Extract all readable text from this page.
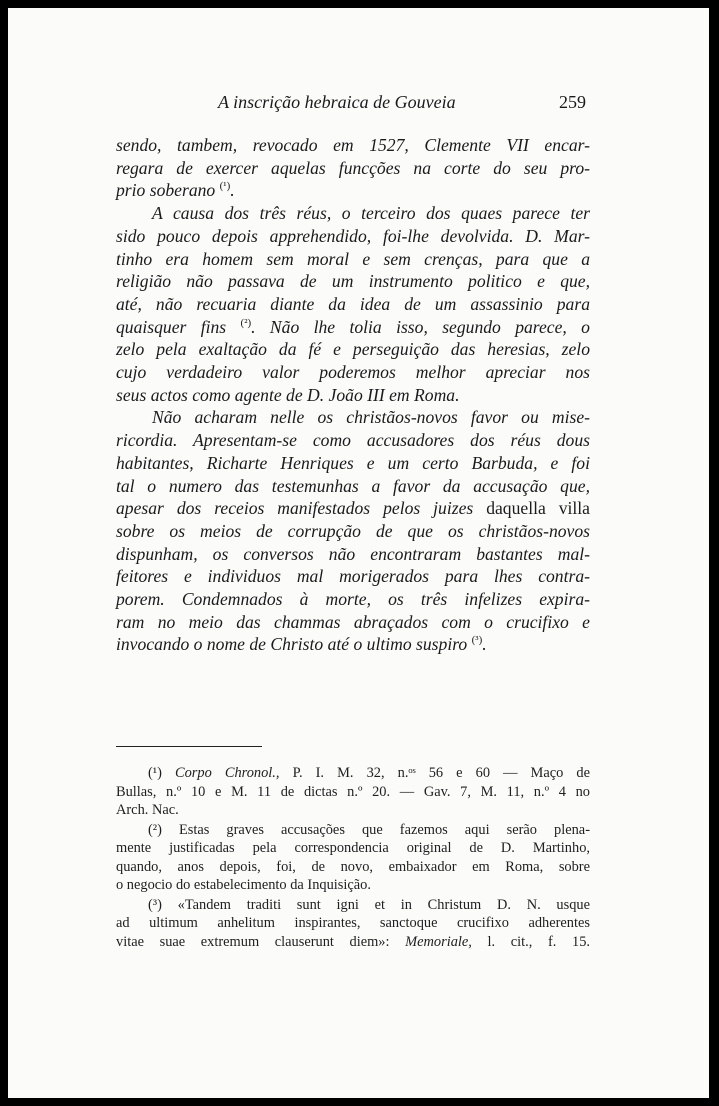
A inscrição hebraica de Gouveia	259

sendo, tambem, revocado em 1527, Clemente VII encar-
regara de exercer aquelas funcções na corte do seu pro-
prio soberano $^{(^1)}$.

A causa dos três réus, o terceiro dos quaes parece ter
sido pouco depois apprehendido, foi-lhe devolvida. D. Mar-
tinho era homem sem moral e sem crenças, para que a
religião não passava de um instrumento politico e que,
até, não recuaria diante da idea de um assassinio para
quaisquer fins $^{(^2)}$. Não lhe tolia isso, segundo parece, o
zelo pela exaltação da fé e perseguição das heresias, zelo
cujo verdadeiro valor poderemos melhor apreciar nos
seus actos como agente de D. João III em Roma.

Não acharam nelle os christãos-novos favor ou mise-
ricordia. Apresentam-se como accusadores dos réus dous
habitantes, Richarte Henriques e um certo Barbuda, e foi
tal o numero das testemunhas a favor da accusação que,
apesar dos receios manifestados pelos juizes daquella villa
sobre os meios de corrupção de que os christãos-novos
dispunham, os conversos não encontraram bastantes mal-
feitores e individuos mal morigerados para lhes contra-
porem. Condemnados à morte, os três infelizes expira-
ram no meio das chammas abraçados com o crucifixo e
invocando o nome de Christo até o ultimo suspiro $^{(^3)}$.

(¹) Corpo Chronol., P. I. M. 32, n.ᵒˢ 56 e 60 — Maço de
Bullas, n.º 10 e M. 11 de dictas n.º 20. — Gav. 7, M. 11, n.º 4 no
Arch. Nac.

(²) Estas graves accusações que fazemos aqui serão plena-
mente justificadas pela correspondencia original de D. Martinho,
quando, anos depois, foi, de novo, embaixador em Roma, sobre
o negocio do estabelecimento da Inquisição.

(³) «Tandem traditi sunt igni et in Christum D. N. usque
ad ultimum anhelitum inspirantes, sanctoque crucifixo adherentes
vitae suae extremum clauserunt diem»: Memoriale, l. cit., f. 15.
